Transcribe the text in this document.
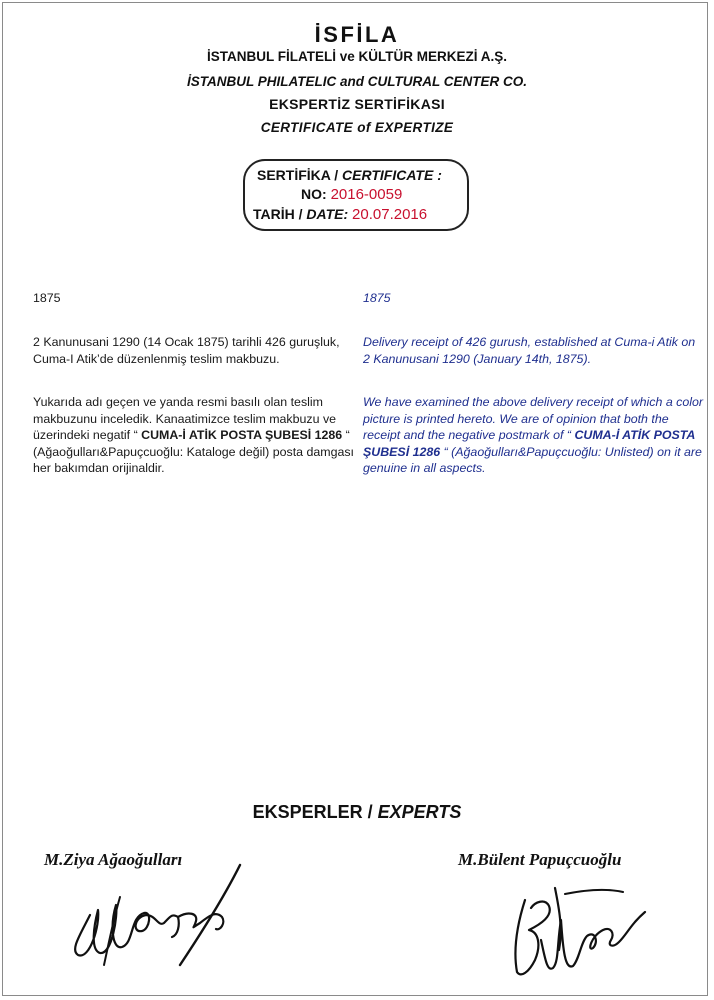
İSFİLA
İSTANBUL FİLATELİ ve KÜLTÜR MERKEZİ A.Ş.
İSTANBUL PHILATELIC and CULTURAL CENTER CO.
EKSPERTİZ SERTİFİKASI
CERTIFICATE of EXPERTIZE
SERTİFİKA / CERTIFICATE :
NO: 2016-0059
TARİH / DATE: 20.07.2016
1875
2 Kanunusani 1290 (14 Ocak 1875) tarihli 426 guruşluk, Cuma-I Atik’de düzenlenmiş teslim makbuzu.
Yukarıda adı geçen ve yanda resmi basılı olan teslim makbuzunu inceledik. Kanaatimizce teslim makbuzu ve üzerindeki negatif “ CUMA-İ ATİK POSTA ŞUBESİ 1286 “ (Ağaoğulları&Papuçcuoğlu: Kataloge değil) posta damgası her bakımdan orijinaldir.
1875
Delivery receipt of 426 gurush, established at Cuma-i Atik on 2 Kanunusani 1290 (January 14th, 1875).
We have examined the above delivery receipt of which a color picture is printed hereto. We are of opinion that both the receipt and the negative postmark of “ CUMA-İ ATİK POSTA ŞUBESİ 1286 “ (Ağaoğulları&Papuçcuoğlu: Unlisted) on it are genuine in all aspects.
EKSPERLER / EXPERTS
M.Ziya Ağaoğulları	M.Bülent Papuçcuoğlu
